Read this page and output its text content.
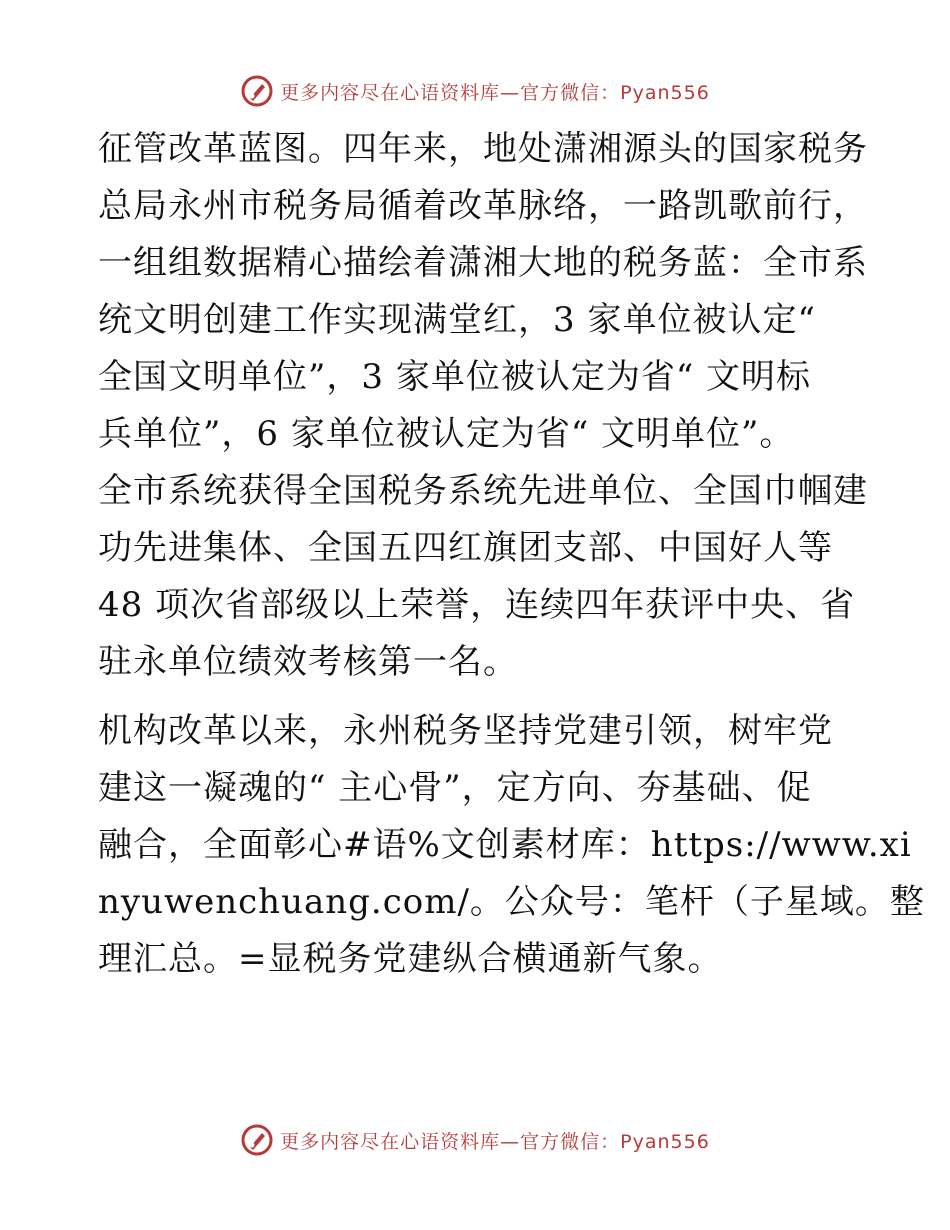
更多内容尽在心语资料库—官方微信：Pyan556
征管改革蓝图。四年来，地处潇湘源头的国家税务
总局永州市税务局循着改革脉络，一路凯歌前行，
一组组数据精心描绘着潇湘大地的税务蓝：全市系
统文明创建工作实现满堂红，3 家单位被认定“
全国文明单位”，3 家单位被认定为省“ 文明标
兵单位”，6 家单位被认定为省“ 文明单位”。
全市系统获得全国税务系统先进单位、全国巾帼建
功先进集体、全国五四红旗团支部、中国好人等
48 项次省部级以上荣誉，连续四年获评中央、省
驻永单位绩效考核第一名。
机构改革以来，永州税务坚持党建引领，树牢党
建这一凝魂的“ 主心骨”，定方向、夯基础、促
融合，全面彰心#语%文创素材库：https://www.xi
nyuwenchuang.com/。公众号：笔杆（子星域。整
理汇总。=显税务党建纵合横通新气象。
更多内容尽在心语资料库—官方微信：Pyan556
